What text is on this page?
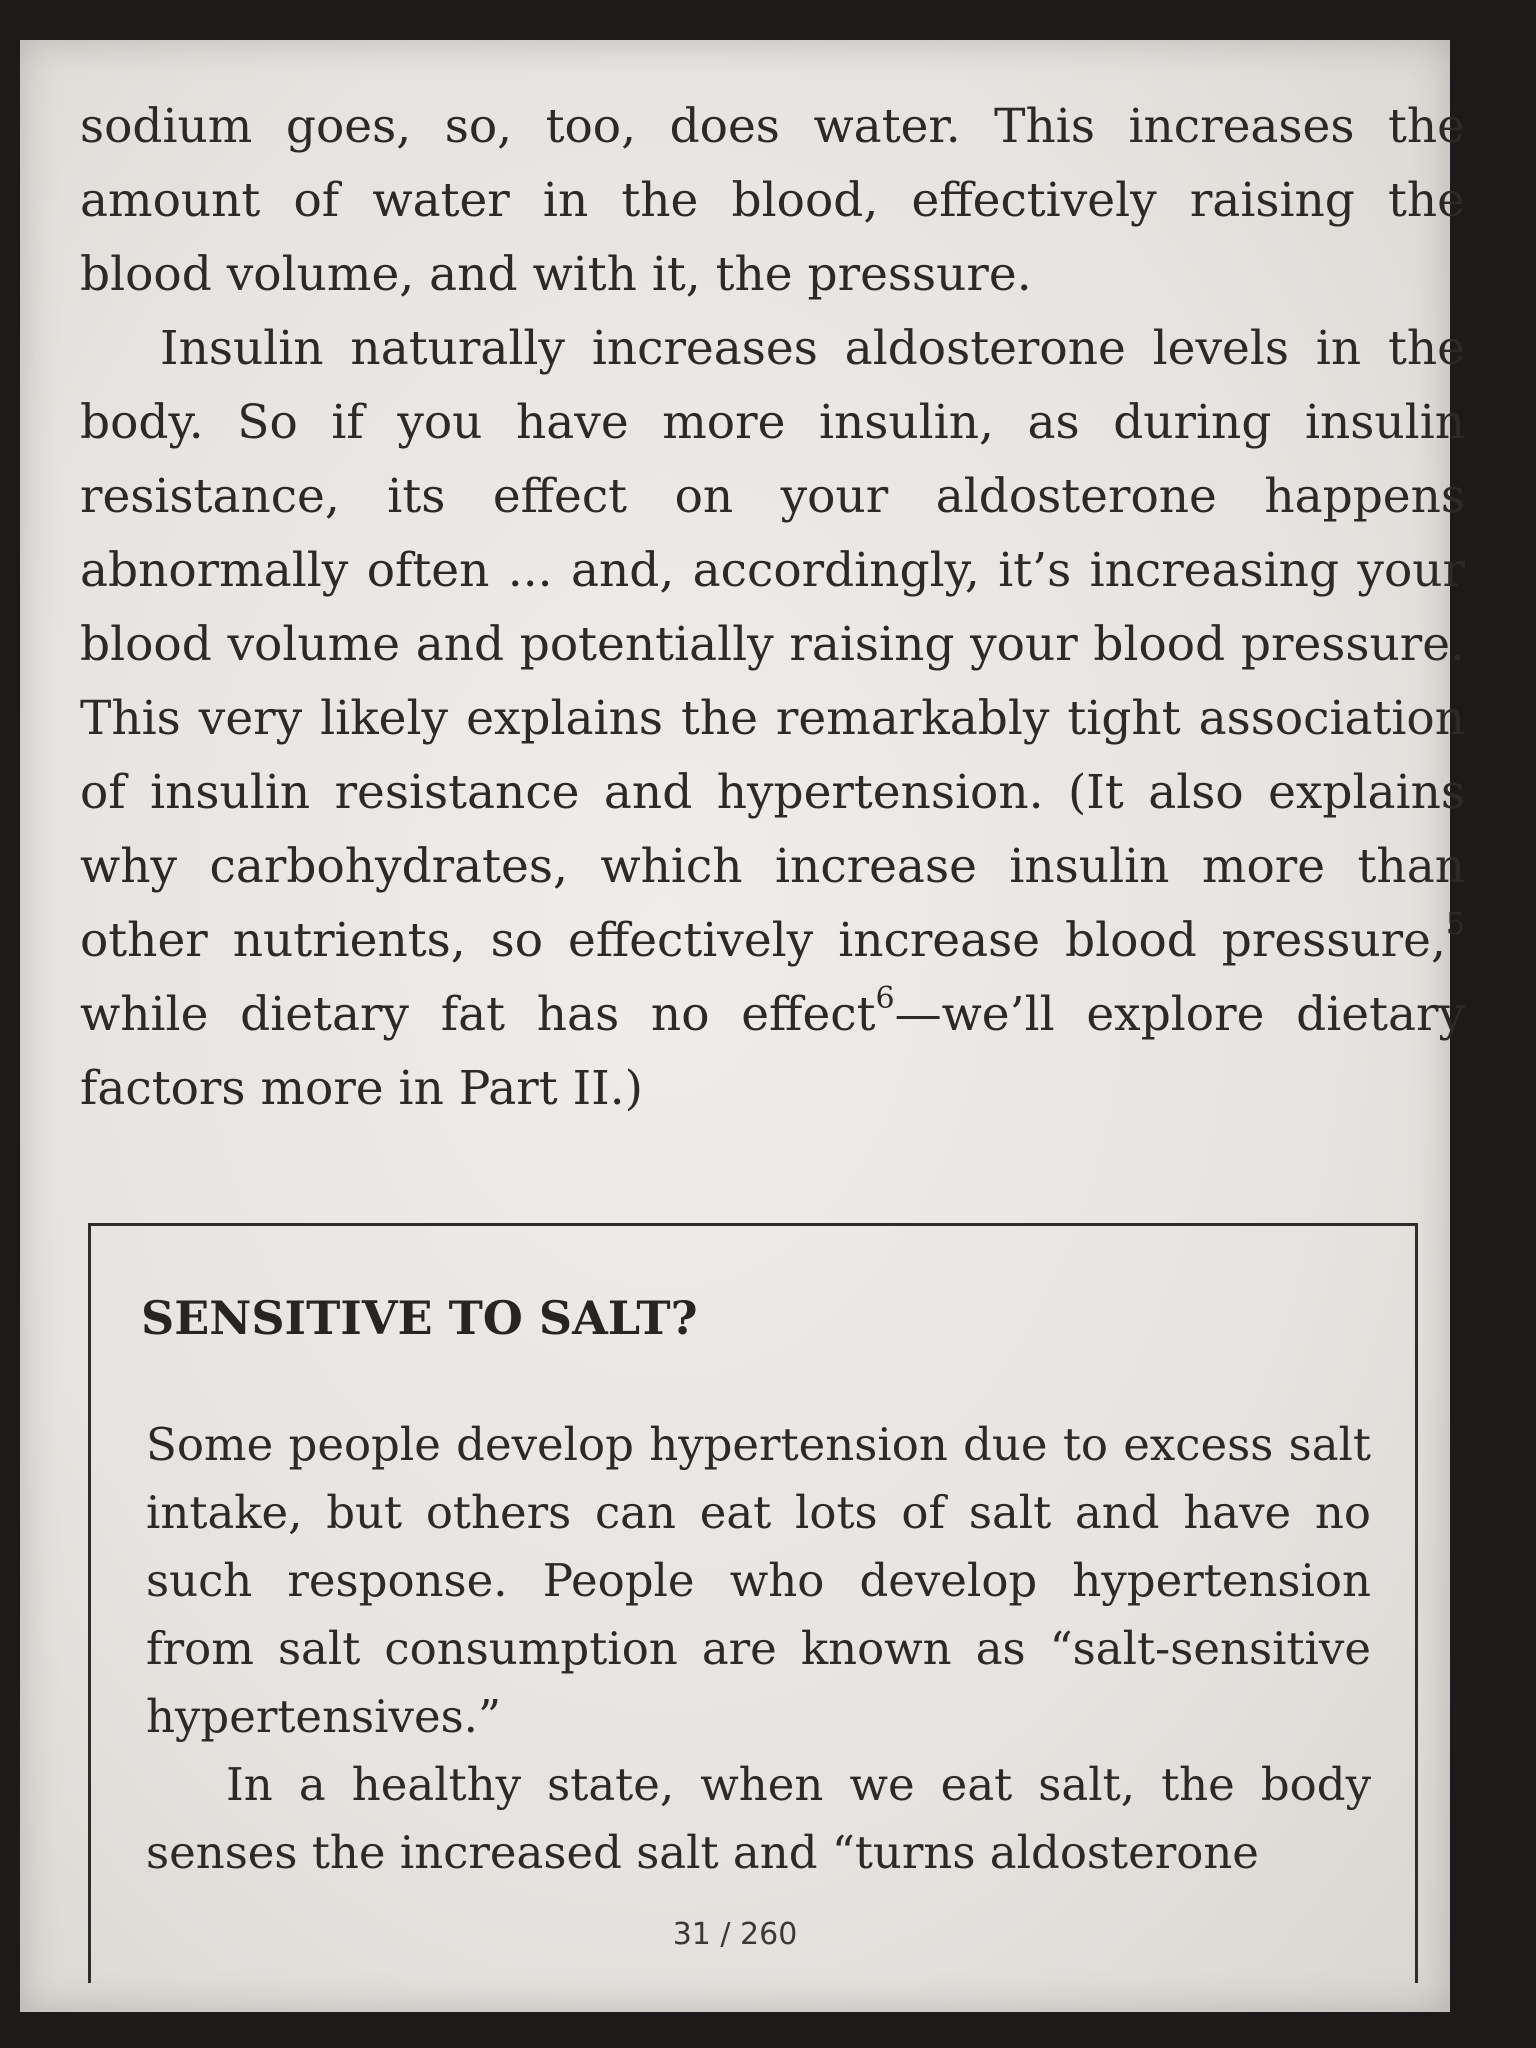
sodium goes, so, too, does water. This increases the amount of water in the blood, effectively raising the blood volume, and with it, the pressure.

Insulin naturally increases aldosterone levels in the body. So if you have more insulin, as during insulin resistance, its effect on your aldosterone happens abnormally often ... and, accordingly, it’s increasing your blood volume and potentially raising your blood pressure. This very likely explains the remarkably tight association of insulin resistance and hypertension. (It also explains why carbohydrates, which increase insulin more than other nutrients, so effectively increase blood pressure,$^5$ while dietary fat has no effect$^6$—we’ll explore dietary factors more in Part II.)

SENSITIVE TO SALT?

Some people develop hypertension due to excess salt intake, but others can eat lots of salt and have no such response. People who develop hypertension from salt consumption are known as “salt-sensitive hypertensives.”

In a healthy state, when we eat salt, the body senses the increased salt and “turns aldosterone

31 / 260
